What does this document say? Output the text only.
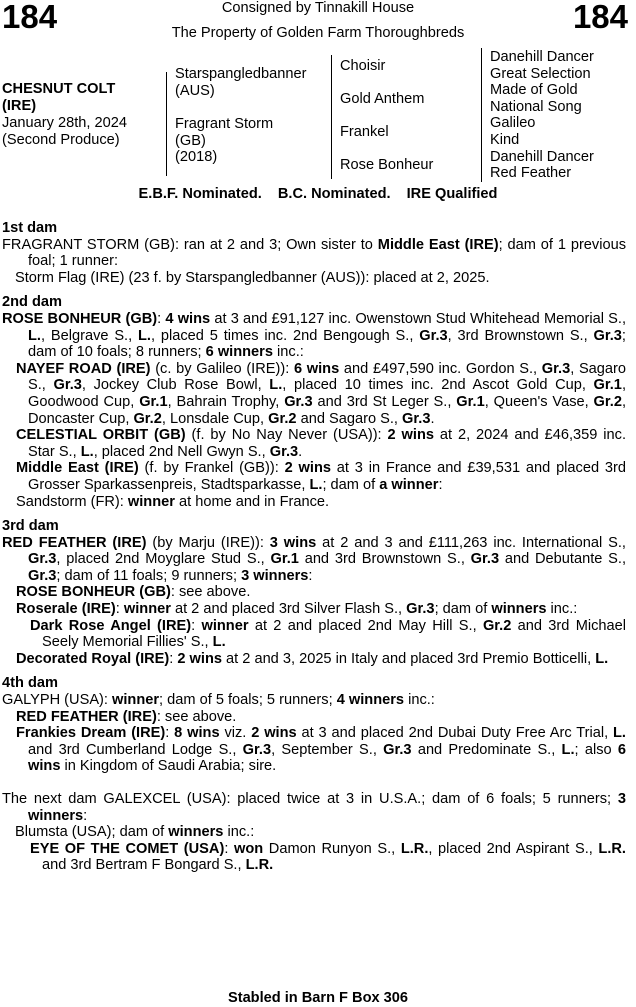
184	184
Consigned by Tinnakill House
The Property of Golden Farm Thoroughbreds
CHESNUT COLT
(IRE)
January 28th, 2024
(Second Produce)
Starspangledbanner
(AUS)
Fragrant Storm
(GB)
(2018)
Choisir
Gold Anthem
Frankel
Rose Bonheur
Danehill Dancer
Great Selection
Made of Gold
National Song
Galileo
Kind
Danehill Dancer
Red Feather
E.B.F. Nominated. B.C. Nominated. IRE Qualified
1st dam
FRAGRANT STORM (GB): ran at 2 and 3; Own sister to Middle East (IRE); dam of 1 previous foal; 1 runner:
Storm Flag (IRE) (23 f. by Starspangledbanner (AUS)): placed at 2, 2025.
2nd dam
ROSE BONHEUR (GB): 4 wins at 3 and £91,127 inc. Owenstown Stud Whitehead Memorial S., L., Belgrave S., L., placed 5 times inc. 2nd Bengough S., Gr.3, 3rd Brownstown S., Gr.3; dam of 10 foals; 8 runners; 6 winners inc.:
NAYEF ROAD (IRE) (c. by Galileo (IRE)): 6 wins and £497,590 inc. Gordon S., Gr.3, Sagaro S., Gr.3, Jockey Club Rose Bowl, L., placed 10 times inc. 2nd Ascot Gold Cup, Gr.1, Goodwood Cup, Gr.1, Bahrain Trophy, Gr.3 and 3rd St Leger S., Gr.1, Queen's Vase, Gr.2, Doncaster Cup, Gr.2, Lonsdale Cup, Gr.2 and Sagaro S., Gr.3.
CELESTIAL ORBIT (GB) (f. by No Nay Never (USA)): 2 wins at 2, 2024 and £46,359 inc. Star S., L., placed 2nd Nell Gwyn S., Gr.3.
Middle East (IRE) (f. by Frankel (GB)): 2 wins at 3 in France and £39,531 and placed 3rd Grosser Sparkassenpreis, Stadtsparkasse, L.; dam of a winner:
Sandstorm (FR): winner at home and in France.
3rd dam
RED FEATHER (IRE) (by Marju (IRE)): 3 wins at 2 and 3 and £111,263 inc. International S., Gr.3, placed 2nd Moyglare Stud S., Gr.1 and 3rd Brownstown S., Gr.3 and Debutante S., Gr.3; dam of 11 foals; 9 runners; 3 winners:
ROSE BONHEUR (GB): see above.
Roserale (IRE): winner at 2 and placed 3rd Silver Flash S., Gr.3; dam of winners inc.:
Dark Rose Angel (IRE): winner at 2 and placed 2nd May Hill S., Gr.2 and 3rd Michael Seely Memorial Fillies' S., L.
Decorated Royal (IRE): 2 wins at 2 and 3, 2025 in Italy and placed 3rd Premio Botticelli, L.
4th dam
GALYPH (USA): winner; dam of 5 foals; 5 runners; 4 winners inc.:
RED FEATHER (IRE): see above.
Frankies Dream (IRE): 8 wins viz. 2 wins at 3 and placed 2nd Dubai Duty Free Arc Trial, L. and 3rd Cumberland Lodge S., Gr.3, September S., Gr.3 and Predominate S., L.; also 6 wins in Kingdom of Saudi Arabia; sire.
The next dam GALEXCEL (USA): placed twice at 3 in U.S.A.; dam of 6 foals; 5 runners; 3 winners:
Blumsta (USA); dam of winners inc.:
EYE OF THE COMET (USA): won Damon Runyon S., L.R., placed 2nd Aspirant S., L.R. and 3rd Bertram F Bongard S., L.R.
Stabled in Barn F Box 306
